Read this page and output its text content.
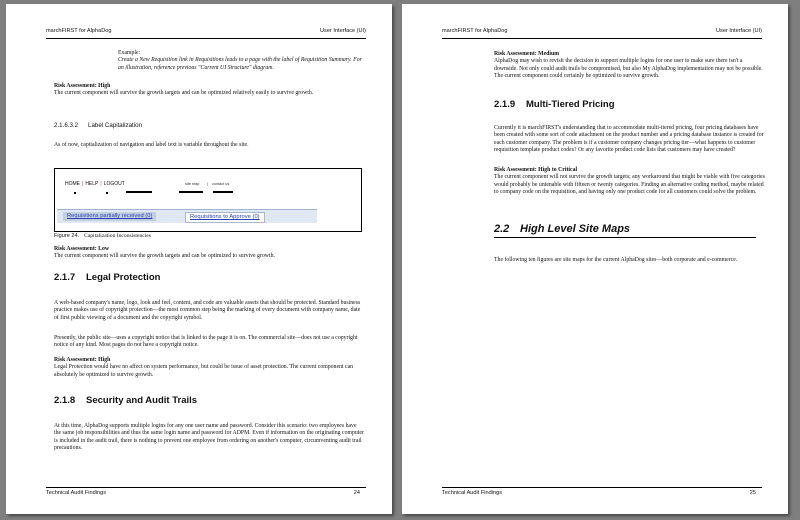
marchFIRST for AlphaDog	User Interface (UI)

Example:

Create a New Requisition link in Requisitions leads to a page with the label of Requisition Summary. For an illustration, reference previous "Current UI Structure" diagram.

Risk Assessment: High

The current component will survive the growth targets and can be optimized relatively easily to survive growth.

2.1.6.3.2 Label Capitalization

As of now, capitalization of navigation and label text is variable throughout the site.

HOME | HELP | LOGOUT	site map | contact us
Requisitions partially received (0)	Requisitions to Approve (0)
Figure 24. Capitalization Inconsistencies

Risk Assessment: Low

The current component will survive the growth targets and can be optimized to survive growth.

2.1.7 Legal Protection

A web-based company's name, logo, look and feel, content, and code are valuable assets that should be protected. Standard business practice makes use of copyright protection—the most common step being the marking of every document with company name, date of first public viewing of a document and the copyright symbol.

Presently, the public site—uses a copyright notice that is linked to the page it is on. The commercial site—does not use a copyright notice of any kind. Most pages do not have a copyright notice.

Risk Assessment: High

Legal Protection would have no affect on system performance, but could be issue of asset protection. The current component can absolutely be optimized to survive growth.

2.1.8 Security and Audit Trails

At this time, AlphaDog supports multiple logins for any one user name and password. Consider this scenario: two employees have the same job responsibilities and thus the same login name and password for ADPM. Even if information on the originating computer is included in the audit trail, there is nothing to prevent one employee from ordering on another's computer, circumventing audit trail precautions.

Technical Audit Findings	24
marchFIRST for AlphaDog	User Interface (UI)

Risk Assessment: Medium

AlphaDog may wish to revisit the decision to support multiple logins for one user to make sure there isn't a downside. Not only could audit trails be compromised, but also My AlphaDog implementation may not be possible. The current component could certainly be optimized to survive growth.

2.1.9 Multi-Tiered Pricing

Currently it is marchFIRST's understanding that to accommodate multi-tiered pricing, four pricing databases have been created with some sort of code attachment on the product number and a pricing database instance is created for each customer company. The problem is if a customer company changes pricing tier—what happens to customer requisition template product codes? Or any favorite product code lists that customers may have created?

Risk Assessment: High to Critical

The current component will not survive the growth targets; any workaround that might be viable with five categories would probably be untenable with fifteen or twenty categories. Finding an alternative coding method, maybe related to company code on the requisition, and having only one product code for all customers could solve the problem.

2.2 High Level Site Maps

The following ten figures are site maps for the current AlphaDog sites—both corporate and e-commerce.

Technical Audit Findings	25
